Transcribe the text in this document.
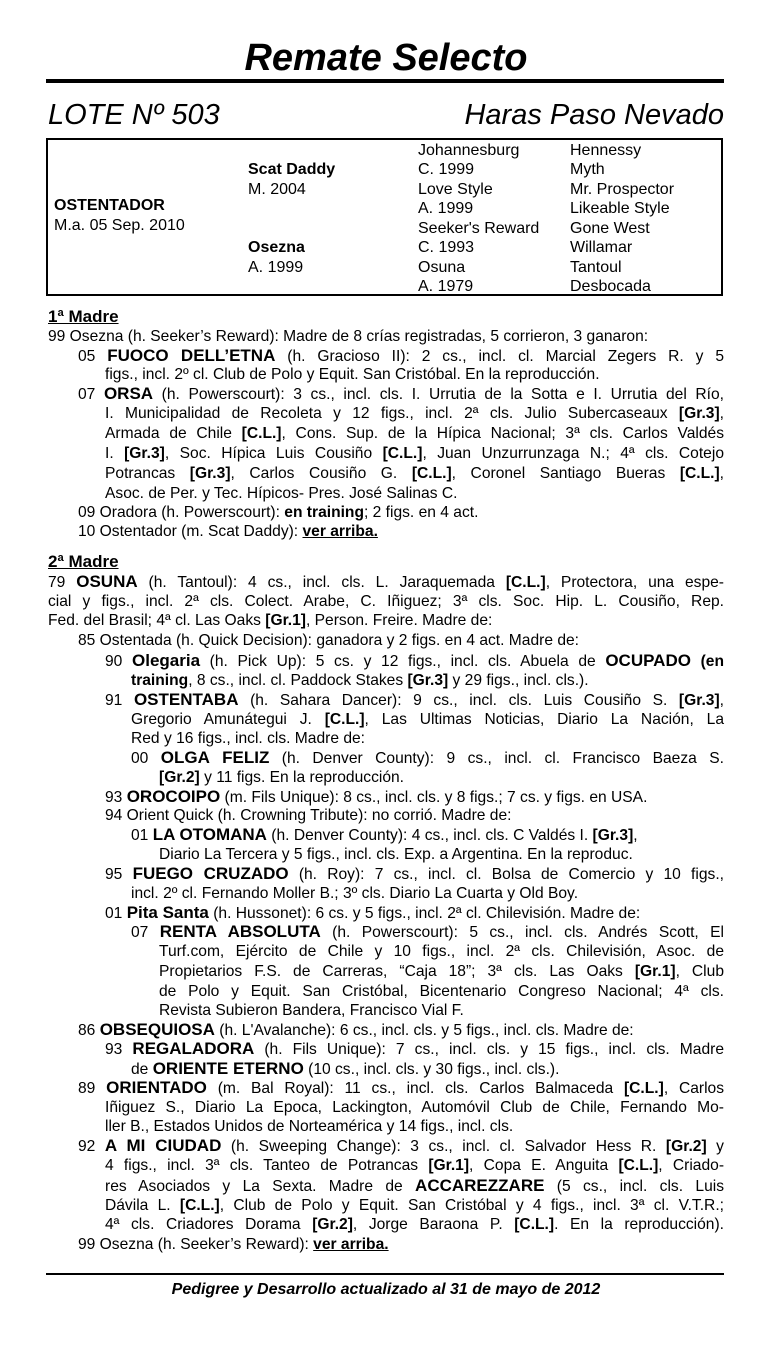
Remate Selecto
LOTE Nº 503	Haras Paso Nevado
OSTENTADOR
M.a. 05 Sep. 2010
Scat Daddy
M. 2004
Osezna
A. 1999
Johannesburg
C. 1999
Love Style
A. 1999
Seeker's Reward
C. 1993
Osuna
A. 1979
Hennessy
Myth
Mr. Prospector
Likeable Style
Gone West
Willamar
Tantoul
Desbocada
1ª Madre
99 Osezna (h. Seeker’s Reward): Madre de 8 crías registradas, 5 corrieron, 3 ganaron:
05 FUOCO DELL’ETNA (h. Gracioso II): 2 cs., incl. cl. Marcial Zegers R. y 5
figs., incl. 2º cl. Club de Polo y Equit. San Cristóbal. En la reproducción.
07 ORSA (h. Powerscourt): 3 cs., incl. cls. I. Urrutia de la Sotta e I. Urrutia del Río,
I. Municipalidad de Recoleta y 12 figs., incl. 2ª cls. Julio Subercaseaux [Gr.3],
Armada de Chile [C.L.], Cons. Sup. de la Hípica Nacional; 3ª cls. Carlos Valdés
I. [Gr.3], Soc. Hípica Luis Cousiño [C.L.], Juan Unzurrunzaga N.; 4ª cls. Cotejo
Potrancas [Gr.3], Carlos Cousiño G. [C.L.], Coronel Santiago Bueras [C.L.],
Asoc. de Per. y Tec. Hípicos- Pres. José Salinas C.
09 Oradora (h. Powerscourt): en training; 2 figs. en 4 act.
10 Ostentador (m. Scat Daddy): ver arriba.
2ª Madre
79 OSUNA (h. Tantoul): 4 cs., incl. cls. L. Jaraquemada [C.L.], Protectora, una espe-
cial y figs., incl. 2ª cls. Colect. Arabe, C. Iñiguez; 3ª cls. Soc. Hip. L. Cousiño, Rep.
Fed. del Brasil; 4ª cl. Las Oaks [Gr.1], Person. Freire. Madre de:
85 Ostentada (h. Quick Decision): ganadora y 2 figs. en 4 act. Madre de:
90 Olegaria (h. Pick Up): 5 cs. y 12 figs., incl. cls. Abuela de OCUPADO (en
training, 8 cs., incl. cl. Paddock Stakes [Gr.3] y 29 figs., incl. cls.).
91 OSTENTABA (h. Sahara Dancer): 9 cs., incl. cls. Luis Cousiño S. [Gr.3],
Gregorio Amunátegui J. [C.L.], Las Ultimas Noticias, Diario La Nación, La
Red y 16 figs., incl. cls. Madre de:
00 OLGA FELIZ (h. Denver County): 9 cs., incl. cl. Francisco Baeza S.
[Gr.2] y 11 figs. En la reproducción.
93 OROCOIPO (m. Fils Unique): 8 cs., incl. cls. y 8 figs.; 7 cs. y figs. en USA.
94 Orient Quick (h. Crowning Tribute): no corrió. Madre de:
01 LA OTOMANA (h. Denver County): 4 cs., incl. cls. C Valdés I. [Gr.3],
Diario La Tercera y 5 figs., incl. cls. Exp. a Argentina. En la reproduc.
95 FUEGO CRUZADO (h. Roy): 7 cs., incl. cl. Bolsa de Comercio y 10 figs.,
incl. 2º cl. Fernando Moller B.; 3º cls. Diario La Cuarta y Old Boy.
01 Pita Santa (h. Hussonet): 6 cs. y 5 figs., incl. 2ª cl. Chilevisión. Madre de:
07 RENTA ABSOLUTA (h. Powerscourt): 5 cs., incl. cls. Andrés Scott, El
Turf.com, Ejército de Chile y 10 figs., incl. 2ª cls. Chilevisión, Asoc. de
Propietarios F.S. de Carreras, “Caja 18”; 3ª cls. Las Oaks [Gr.1], Club
de Polo y Equit. San Cristóbal, Bicentenario Congreso Nacional; 4ª cls.
Revista Subieron Bandera, Francisco Vial F.
86 OBSEQUIOSA (h. L'Avalanche): 6 cs., incl. cls. y 5 figs., incl. cls. Madre de:
93 REGALADORA (h. Fils Unique): 7 cs., incl. cls. y 15 figs., incl. cls. Madre
de ORIENTE ETERNO (10 cs., incl. cls. y 30 figs., incl. cls.).
89 ORIENTADO (m. Bal Royal): 11 cs., incl. cls. Carlos Balmaceda [C.L.], Carlos
Iñiguez S., Diario La Epoca, Lackington, Automóvil Club de Chile, Fernando Mo-
ller B., Estados Unidos de Norteamérica y 14 figs., incl. cls.
92 A MI CIUDAD (h. Sweeping Change): 3 cs., incl. cl. Salvador Hess R. [Gr.2] y
4 figs., incl. 3ª cls. Tanteo de Potrancas [Gr.1], Copa E. Anguita [C.L.], Criado-
res Asociados y La Sexta. Madre de ACCAREZZARE (5 cs., incl. cls. Luis
Dávila L. [C.L.], Club de Polo y Equit. San Cristóbal y 4 figs., incl. 3ª cl. V.T.R.;
4ª cls. Criadores Dorama [Gr.2], Jorge Baraona P. [C.L.]. En la reproducción).
99 Osezna (h. Seeker’s Reward): ver arriba.
Pedigree y Desarrollo actualizado al 31 de mayo de 2012
